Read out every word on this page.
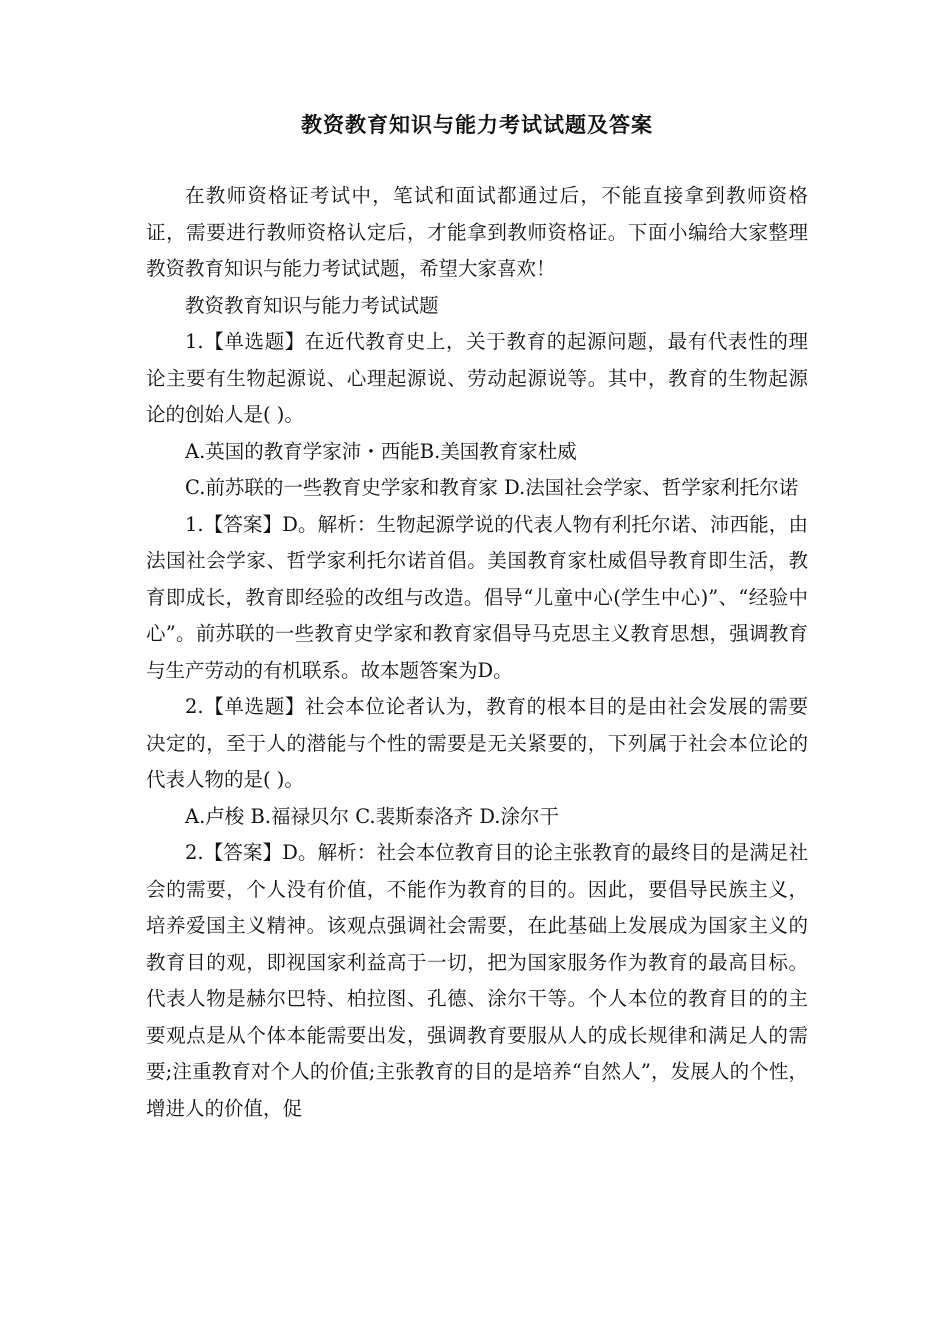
教资教育知识与能力考试试题及答案

在教师资格证考试中，笔试和面试都通过后，不能直接拿到教师资格证，需要进行教师资格认定后，才能拿到教师资格证。下面小编给大家整理教资教育知识与能力考试试题，希望大家喜欢！

教资教育知识与能力考试试题

1.【单选题】在近代教育史上，关于教育的起源问题，最有代表性的理论主要有生物起源说、心理起源说、劳动起源说等。其中，教育的生物起源论的创始人是( )。

A.英国的教育学家沛・西能B.美国教育家杜威

C.前苏联的一些教育史学家和教育家 D.法国社会学家、哲学家利托尔诺

1.【答案】D。解析：生物起源学说的代表人物有利托尔诺、沛西能，由法国社会学家、哲学家利托尔诺首倡。美国教育家杜威倡导教育即生活，教育即成长，教育即经验的改组与改造。倡导“儿童中心(学生中心)”、“经验中心”。前苏联的一些教育史学家和教育家倡导马克思主义教育思想，强调教育与生产劳动的有机联系。故本题答案为D。

2.【单选题】社会本位论者认为，教育的根本目的是由社会发展的需要决定的，至于人的潜能与个性的需要是无关紧要的，下列属于社会本位论的代表人物的是( )。

A.卢梭 B.福禄贝尔 C.裴斯泰洛齐 D.涂尔干

2.【答案】D。解析：社会本位教育目的论主张教育的最终目的是满足社会的需要，个人没有价值，不能作为教育的目的。因此，要倡导民族主义，培养爱国主义精神。该观点强调社会需要，在此基础上发展成为国家主义的教育目的观，即视国家利益高于一切，把为国家服务作为教育的最高目标。代表人物是赫尔巴特、柏拉图、孔德、涂尔干等。个人本位的教育目的的主要观点是从个体本能需要出发，强调教育要服从人的成长规律和满足人的需要;注重教育对个人的价值;主张教育的目的是培养“自然人”，发展人的个性，增进人的价值，促
